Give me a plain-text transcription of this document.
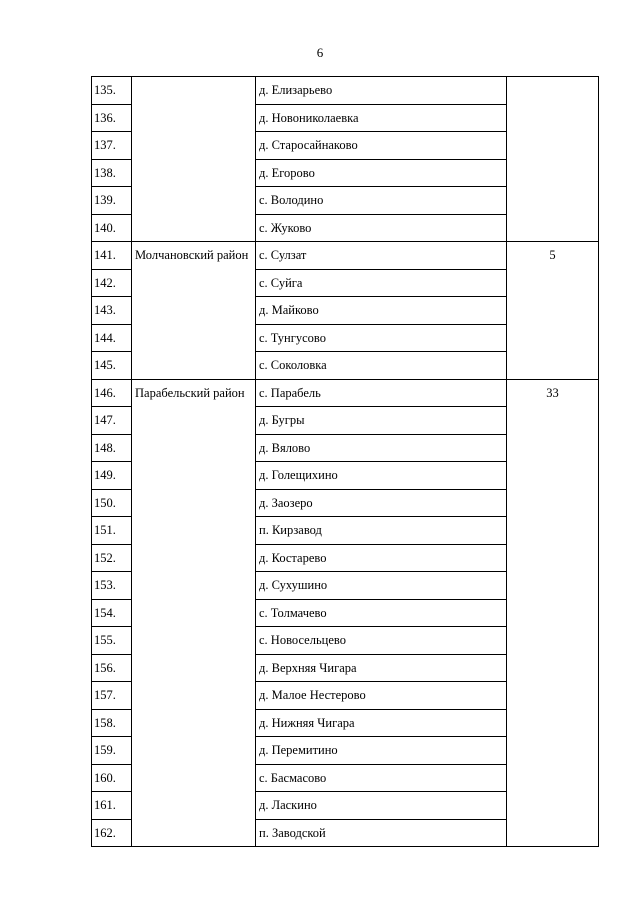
6
135.		д. Елизарьево	
136.		д. Новониколаевка	
137.		д. Старосайнаково	
138.		д. Егорово	
139.		с. Володино	
140.		с. Жуково	
141.	Молчановский район	с. Сулзат	5
142.		с. Суйга	
143.		д. Майково	
144.		с. Тунгусово	
145.		с. Соколовка	
146.	Парабельский район	с. Парабель	33
147.		д. Бугры	
148.		д. Вялово	
149.		д. Голещихино	
150.		д. Заозеро	
151.		п. Кирзавод	
152.		д. Костарево	
153.		д. Сухушино	
154.		с. Толмачево	
155.		с. Новосельцево	
156.		д. Верхняя Чигара	
157.		д. Малое Нестерово	
158.		д. Нижняя Чигара	
159.		д. Перемитино	
160.		с. Басмасово	
161.		д. Ласкино	
162.		п. Заводской	
